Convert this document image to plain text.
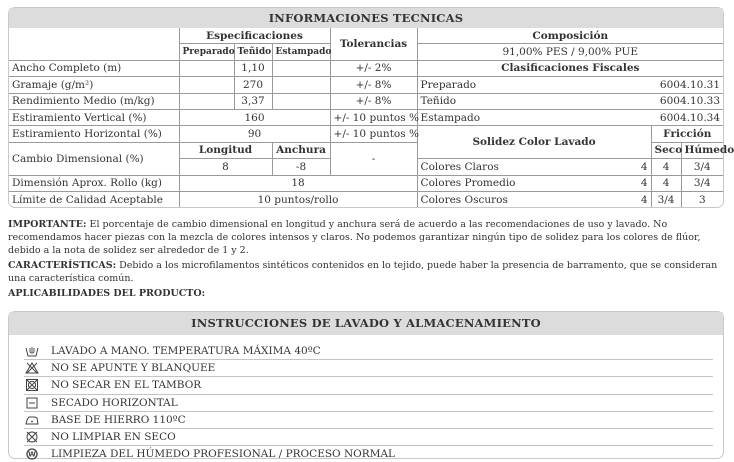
INFORMACIONES TECNICAS
	Especificaciones			Tolerancias	Composición			
	Preparado	Teñido	Estampado		91,00% PES / 9,00% PUE			
Ancho Completo (m)		1,10		+/- 2%	Clasificaciones Fiscales			
Gramaje (g/m²)		270		+/- 8%	Preparado	6004.10.31		
Rendimiento Medio (m/kg)		3,37		+/- 8%	Teñido	6004.10.33		
Estiramiento Vertical (%)	160			+/- 10 puntos %	Estampado	6004.10.34		
Estiramiento Horizontal (%)	90			+/- 10 puntos %	Solidez Color Lavado		Fricción	
Cambio Dimensional (%)	Longitud		Anchura	-			Seco	Húmedo
	8		-8		Colores Claros	4	4	3/4
Dimensión Aprox. Rollo (kg)	18				Colores Promedio	4	4	3/4
Límite de Calidad Aceptable	10 puntos/rollo				Colores Oscuros	4	3/4	3

IMPORTANTE: El porcentaje de cambio dimensional en longitud y anchura será de acuerdo a las recomendaciones de uso y lavado. No recomendamos hacer piezas con la mezcla de colores intensos y claros. No podemos garantizar ningún tipo de solidez para los colores de flúor, debido a la nota de solidez ser alrededor de 1 y 2.

CARACTERÍSTICAS: Debido a los microfilamentos sintéticos contenidos en lo tejido, puede haber la presencia de barramento, que se consideran una característica común.

APLICABILIDADES DEL PRODUCTO:

INSTRUCCIONES DE LAVADO Y ALMACENAMIENTO
LAVADO A MANO. TEMPERATURA MÁXIMA 40ºC
NO SE APUNTE Y BLANQUEE
NO SECAR EN EL TAMBOR
SECADO HORIZONTAL
BASE DE HIERRO 110ºC
NO LIMPIAR EN SECO
W LIMPIEZA DEL HÚMEDO PROFESIONAL / PROCESO NORMAL
